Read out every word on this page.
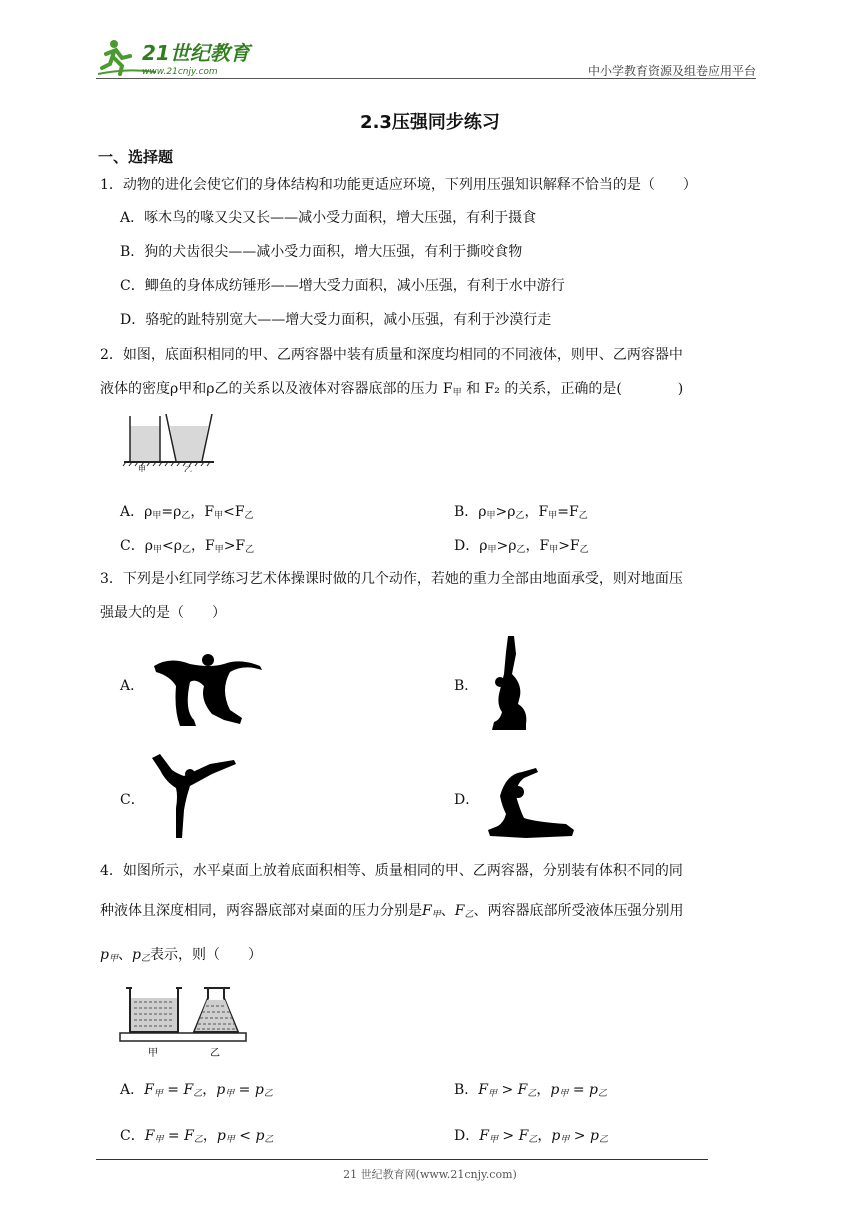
21世纪教育
www.21cnjy.com	中小学教育资源及组卷应用平台
2.3压强同步练习
一、选择题
1．动物的进化会使它们的身体结构和功能更适应环境，下列用压强知识解释不恰当的是（　　）
A．啄木鸟的喙又尖又长——减小受力面积，增大压强，有利于摄食
B．狗的犬齿很尖——减小受力面积，增大压强，有利于撕咬食物
C．鲫鱼的身体成纺锤形——增大受力面积，减小压强，有利于水中游行
D．骆驼的趾特别宽大——增大受力面积，减小压强，有利于沙漠行走
2．如图，底面积相同的甲、乙两容器中装有质量和深度均相同的不同液体，则甲、乙两容器中
液体的密度ρ甲和ρ乙的关系以及液体对容器底部的压力 $F_甲$ 和 F₂ 的关系，正确的是(　　　　)
甲	乙
A．$\rho_甲=\rho_乙$，$F_甲<F_乙$	B．$\rho_甲>\rho_乙$，$F_甲=F_乙$
C．$\rho_甲<\rho_乙$，$F_甲>F_乙$	D．$\rho_甲>\rho_乙$，$F_甲>F_乙$
3．下列是小红同学练习艺术体操课时做的几个动作，若她的重力全部由地面承受，则对地面压
强最大的是（　　）
A．	B．
C．	D．
4．如图所示，水平桌面上放着底面积相等、质量相同的甲、乙两容器，分别装有体积不同的同
种液体且深度相同，两容器底部对桌面的压力分别是$F_甲$、$F_乙$、两容器底部所受液体压强分别用
$p_甲$、$p_乙$表示，则（　　）
甲	乙
A．$F_甲 = F_乙$，$p_甲 = p_乙$	B．$F_甲 > F_乙$，$p_甲 = p_乙$
C．$F_甲 = F_乙$，$p_甲 < p_乙$	D．$F_甲 > F_乙$，$p_甲 > p_乙$
21 世纪教育网(www.21cnjy.com)
